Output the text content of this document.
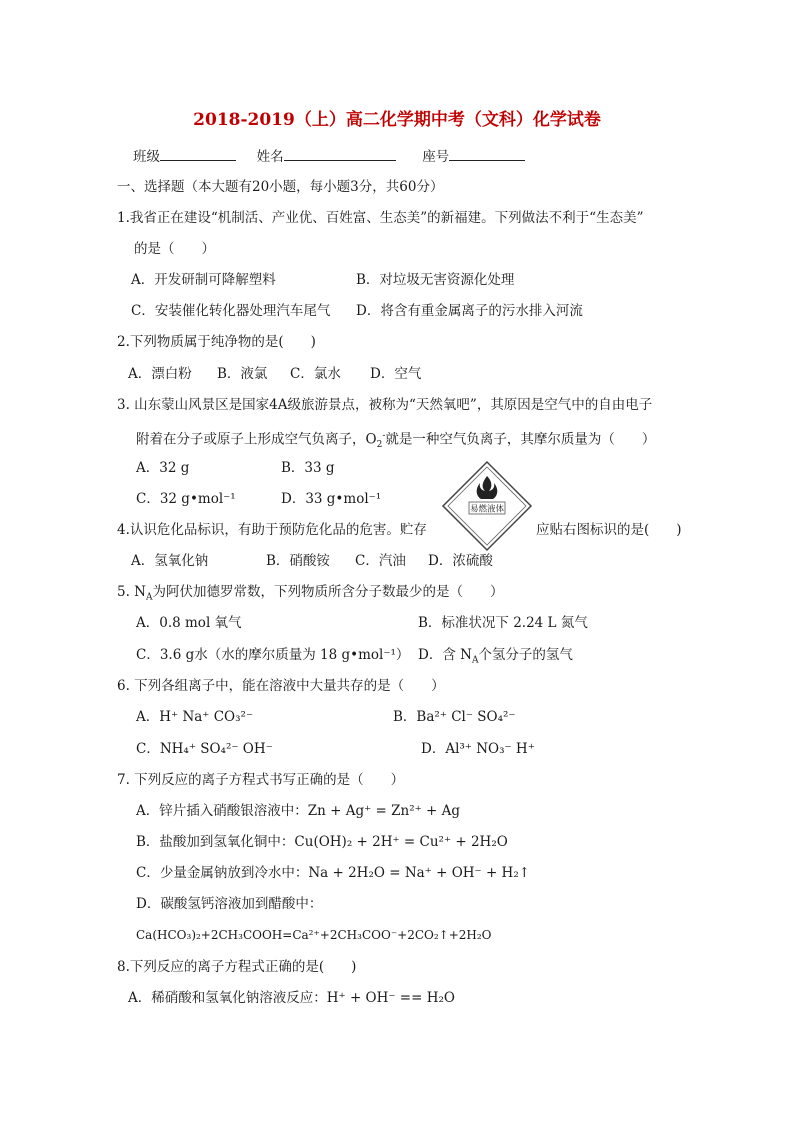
2018-2019（上）高二化学期中考（文科）化学试卷
班级	姓名	座号
一、选择题（本大题有20小题，每小题3分，共60分）
1.我省正在建设“机制活、产业优、百姓富、生态美”的新福建。下列做法不利于“生态美”
的是（　　）
A．开发研制可降解塑料	B．对垃圾无害资源化处理
C．安装催化转化器处理汽车尾气 D．将含有重金属离子的污水排入河流
2.下列物质属于纯净物的是(　　)
A．漂白粉 B．液氯 C．氯水 D．空气
3. 山东蒙山风景区是国家4A级旅游景点，被称为“天然氧吧”，其原因是空气中的自由电子
附着在分子或原子上形成空气负离子，$O_2^-$就是一种空气负离子，其摩尔质量为（　　）
A．32 g	B．33 g
C．32 g•mol⁻¹	D．33 g•mol⁻¹
易燃液体
4.认识危化品标识，有助于预防危化品的危害。贮存	应贴右图标识的是(　　)
A．氢氧化钠	B．硝酸铵 C．汽油 D．浓硫酸
5. $N_A$为阿伏加德罗常数，下列物质所含分子数最少的是（　　）
A．0.8 mol 氧气	B．标准状况下 2.24 L 氮气
C．3.6 g水（水的摩尔质量为 18 g•mol⁻¹） D．含 $N_A$个氢分子的氢气
6. 下列各组离子中，能在溶液中大量共存的是（　　）
A．H⁺ Na⁺ CO₃²⁻	B．Ba²⁺ Cl⁻ SO₄²⁻
C．NH₄⁺ SO₄²⁻ OH⁻	D．Al³⁺ NO₃⁻ H⁺
7. 下列反应的离子方程式书写正确的是（　　）
A．锌片插入硝酸银溶液中：Zn + Ag⁺ = Zn²⁺ + Ag
B．盐酸加到氢氧化铜中：Cu(OH)₂ + 2H⁺ = Cu²⁺ + 2H₂O
C．少量金属钠放到冷水中：Na + 2H₂O = Na⁺ + OH⁻ + H₂↑
D．碳酸氢钙溶液加到醋酸中：
Ca(HCO₃)₂+2CH₃COOH=Ca²⁺+2CH₃COO⁻+2CO₂↑+2H₂O
8.下列反应的离子方程式正确的是(　　)
A．稀硝酸和氢氧化钠溶液反应：H⁺ + OH⁻ == H₂O
